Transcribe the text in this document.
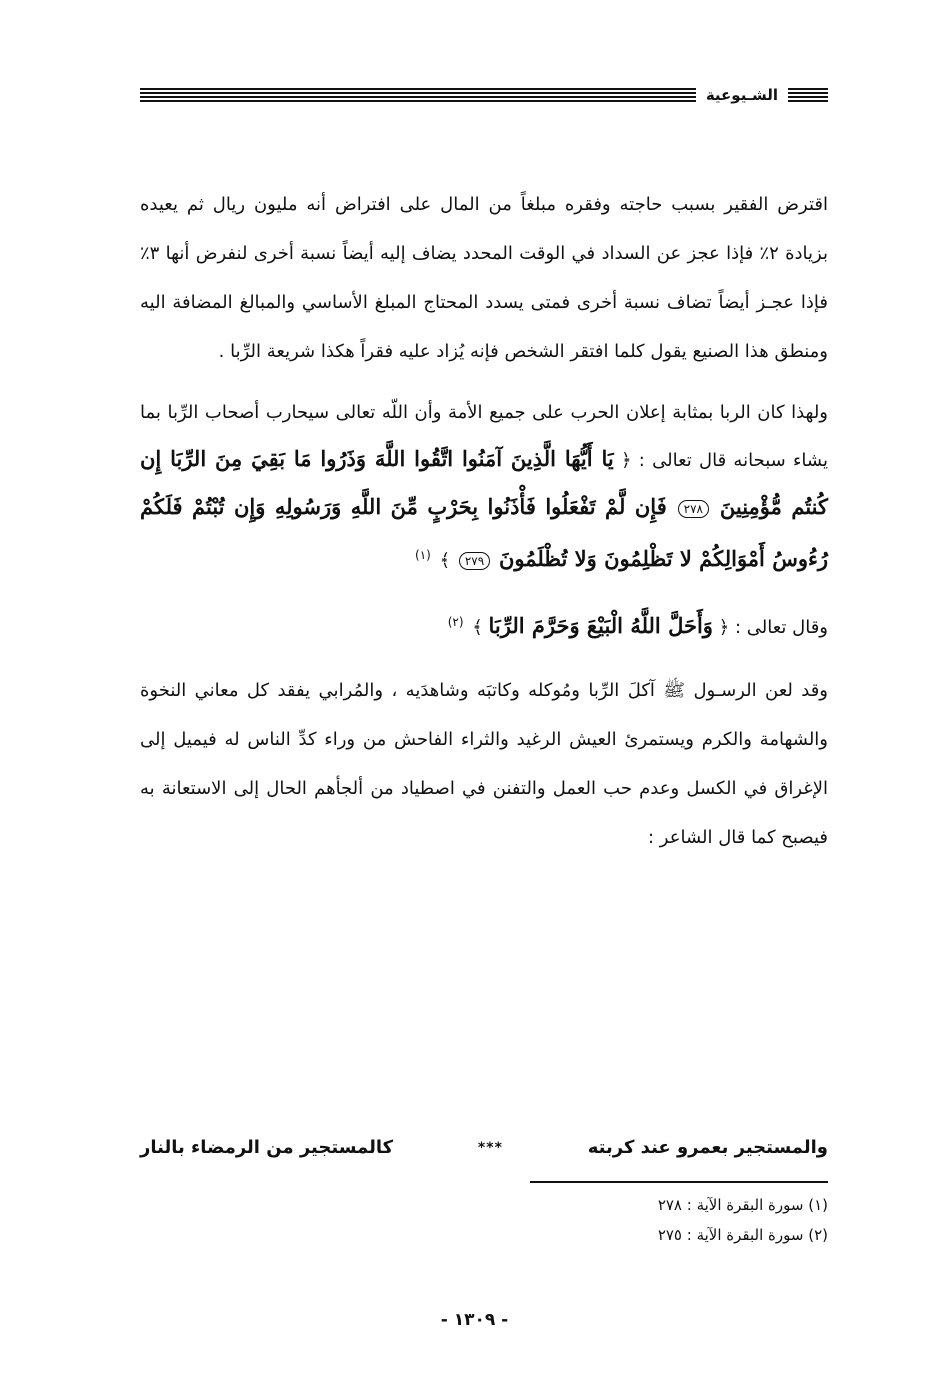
الشـيوعية

اقترض الفقير بسبب حاجته وفقره مبلغاً من المال على افتراض أنه مليون ريال ثم يعيده بزيادة ٢٪ فإذا عجز عن السداد في الوقت المحدد يضاف إليه أيضاً نسبة أخرى لنفرض أنها ٣٪ فإذا عجـز أيضاً تضاف نسبة أخرى فمتى يسدد المحتاج المبلغ الأساسي والمبالغ المضافة اليه ومنطق هذا الصنيع يقول كلما افتقر الشخص فإنه يُزاد عليه فقراً هكذا شريعة الرِّبا .

ولهذا كان الربا بمثابة إعلان الحرب على جميع الأمة وأن اللّه تعالى سيحارب أصحاب الرِّبا بما يشاء سبحانه قال تعالى : ﴿ يَا أَيُّهَا الَّذِينَ آمَنُوا اتَّقُوا اللَّهَ وَذَرُوا مَا بَقِيَ مِنَ الرِّبَا إِن كُنتُم مُّؤْمِنِينَ ٢٧٨ فَإِن لَّمْ تَفْعَلُوا فَأْذَنُوا بِحَرْبٍ مِّنَ اللَّهِ وَرَسُولِهِ وَإِن تُبْتُمْ فَلَكُمْ رُءُوسُ أَمْوَالِكُمْ لا تَظْلِمُونَ وَلا تُظْلَمُونَ ٢٧٩ ﴾ $^{(١)}$

وقال تعالى : ﴿ وَأَحَلَّ اللَّهُ الْبَيْعَ وَحَرَّمَ الرِّبَا ﴾ $^{(٢)}$

وقد لعن الرسـول ﷺ آكلَ الرِّبا ومُوكله وكاتبَه وشاهدَيه ، والمُرابي يفقد كل معاني النخوة والشهامة والكرم ويستمرئ العيش الرغيد والثراء الفاحش من وراء كدِّ الناس له فيميل إلى الإغراق في الكسل وعدم حب العمل والتفنن في اصطياد من ألجأهم الحال إلى الاستعانة به فيصبح كما قال الشاعر :

والمستجير بعمرو عند كربته
***
كالمستجير من الرمضاء بالنار
(١) سورة البقرة الآية : ٢٧٨
(٢) سورة البقرة الآية : ٢٧٥
- ١٣٠٩ -
